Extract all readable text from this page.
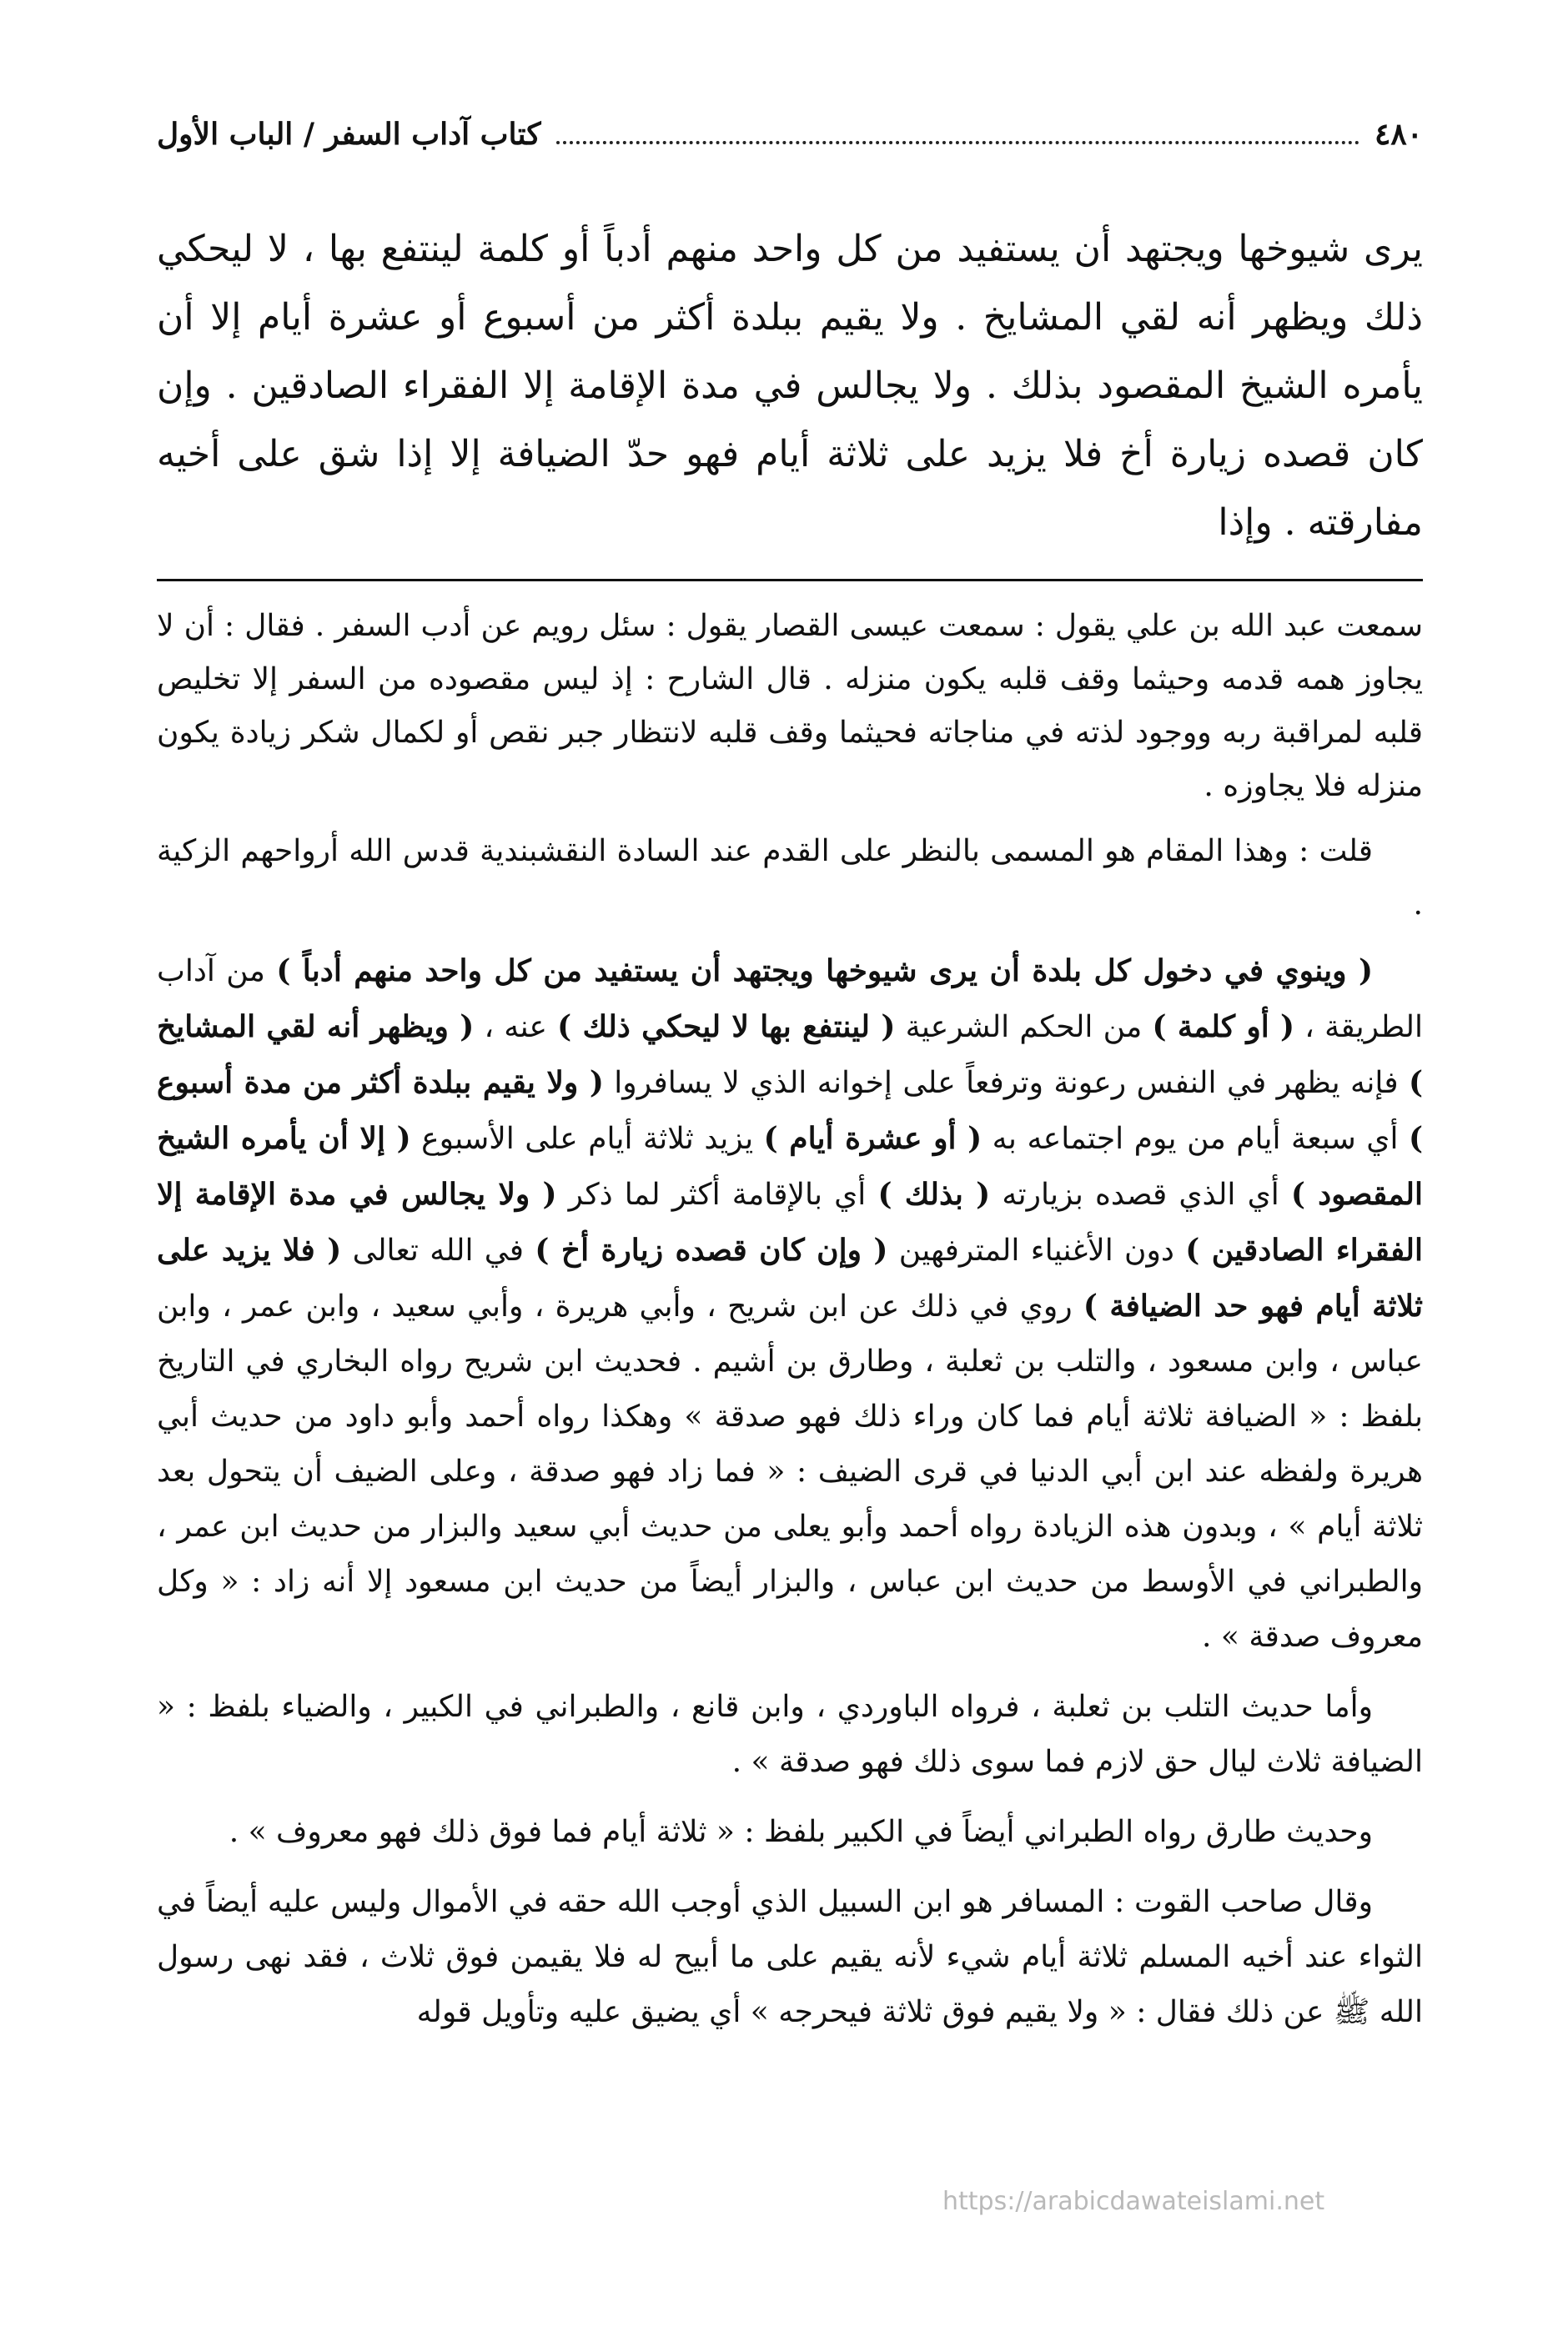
٤٨٠
كتاب آداب السفر / الباب الأول
يرى شيوخها ويجتهد أن يستفيد من كل واحد منهم أدباً أو كلمة لينتفع بها ، لا ليحكي ذلك ويظهر أنه لقي المشايخ . ولا يقيم ببلدة أكثر من أسبوع أو عشرة أيام إلا أن يأمره الشيخ المقصود بذلك . ولا يجالس في مدة الإقامة إلا الفقراء الصادقين . وإن كان قصده زيارة أخ فلا يزيد على ثلاثة أيام فهو حدّ الضيافة إلا إذا شق على أخيه مفارقته . وإذا

سمعت عبد الله بن علي يقول : سمعت عيسى القصار يقول : سئل رويم عن أدب السفر . فقال : أن لا يجاوز همه قدمه وحيثما وقف قلبه يكون منزله . قال الشارح : إذ ليس مقصوده من السفر إلا تخليص قلبه لمراقبة ربه ووجود لذته في مناجاته فحيثما وقف قلبه لانتظار جبر نقص أو لكمال شكر زيادة يكون منزله فلا يجاوزه .

قلت : وهذا المقام هو المسمى بالنظر على القدم عند السادة النقشبندية قدس الله أرواحهم الزكية .

( وينوي في دخول كل بلدة أن يرى شيوخها ويجتهد أن يستفيد من كل واحد منهم أدباً ) من آداب الطريقة ، ( أو كلمة ) من الحكم الشرعية ( لينتفع بها لا ليحكي ذلك ) عنه ، ( ويظهر أنه لقي المشايخ ) فإنه يظهر في النفس رعونة وترفعاً على إخوانه الذي لا يسافروا ( ولا يقيم ببلدة أكثر من مدة أسبوع ) أي سبعة أيام من يوم اجتماعه به ( أو عشرة أيام ) يزيد ثلاثة أيام على الأسبوع ( إلا أن يأمره الشيخ المقصود ) أي الذي قصده بزيارته ( بذلك ) أي بالإقامة أكثر لما ذكر ( ولا يجالس في مدة الإقامة إلا الفقراء الصادقين ) دون الأغنياء المترفهين ( وإن كان قصده زيارة أخ ) في الله تعالى ( فلا يزيد على ثلاثة أيام فهو حد الضيافة ) روي في ذلك عن ابن شريح ، وأبي هريرة ، وأبي سعيد ، وابن عمر ، وابن عباس ، وابن مسعود ، والتلب بن ثعلبة ، وطارق بن أشيم . فحديث ابن شريح رواه البخاري في التاريخ بلفظ : « الضيافة ثلاثة أيام فما كان وراء ذلك فهو صدقة » وهكذا رواه أحمد وأبو داود من حديث أبي هريرة ولفظه عند ابن أبي الدنيا في قرى الضيف : « فما زاد فهو صدقة ، وعلى الضيف أن يتحول بعد ثلاثة أيام » ، وبدون هذه الزيادة رواه أحمد وأبو يعلى من حديث أبي سعيد والبزار من حديث ابن عمر ، والطبراني في الأوسط من حديث ابن عباس ، والبزار أيضاً من حديث ابن مسعود إلا أنه زاد : « وكل معروف صدقة » .

وأما حديث التلب بن ثعلبة ، فرواه الباوردي ، وابن قانع ، والطبراني في الكبير ، والضياء بلفظ : « الضيافة ثلاث ليال حق لازم فما سوى ذلك فهو صدقة » .

وحديث طارق رواه الطبراني أيضاً في الكبير بلفظ : « ثلاثة أيام فما فوق ذلك فهو معروف » .

وقال صاحب القوت : المسافر هو ابن السبيل الذي أوجب الله حقه في الأموال وليس عليه أيضاً في الثواء عند أخيه المسلم ثلاثة أيام شيء لأنه يقيم على ما أبيح له فلا يقيمن فوق ثلاث ، فقد نهى رسول الله ﷺ عن ذلك فقال : « ولا يقيم فوق ثلاثة فيحرجه » أي يضيق عليه وتأويل قوله

https://arabicdawateislami.net
